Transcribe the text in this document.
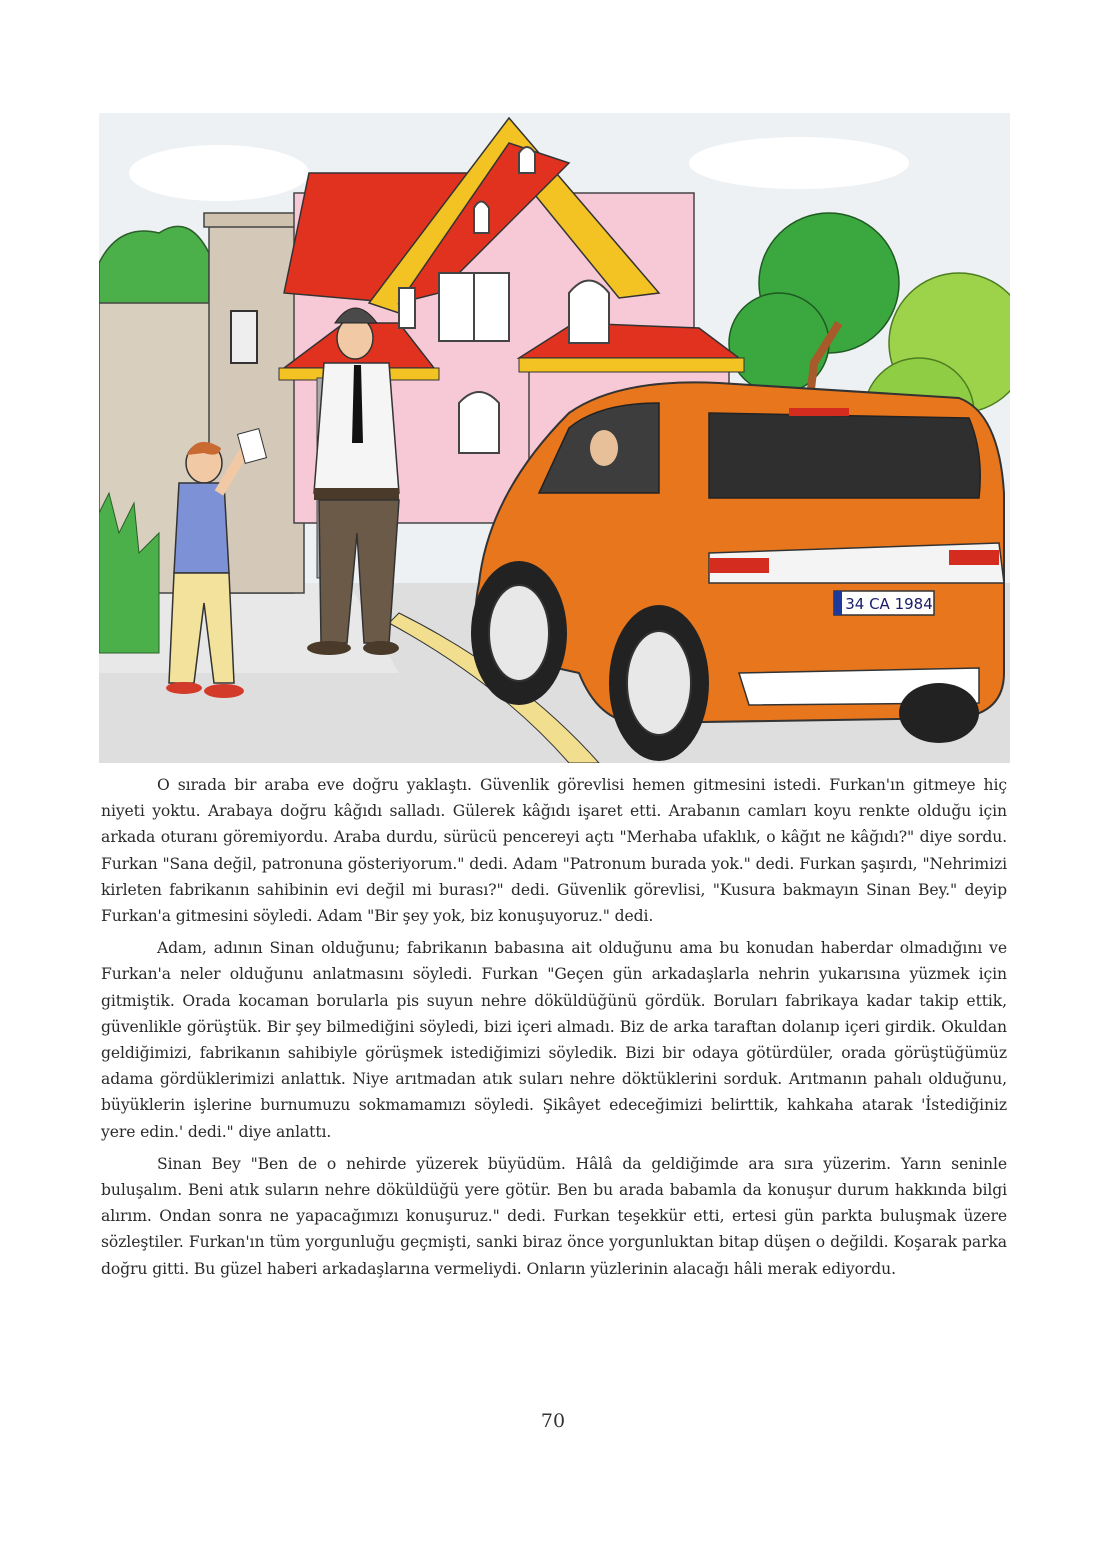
34 CA 1984

O sırada bir araba eve doğru yaklaştı. Güvenlik görevlisi hemen gitmesini istedi. Furkan'ın gitmeye hiç niyeti yoktu. Arabaya doğru kâğıdı salladı. Gülerek kâğıdı işaret etti. Arabanın camları koyu renkte olduğu için arkada oturanı göremiyordu. Araba durdu, sürücü pencereyi açtı "Merhaba ufaklık, o kâğıt ne kâğıdı?" diye sordu. Furkan "Sana değil, patronuna gösteriyorum." dedi. Adam "Patronum burada yok." dedi. Furkan şaşırdı, "Nehrimizi kirleten fabrikanın sahibinin evi değil mi burası?" dedi. Güvenlik görevlisi, "Kusura bakmayın Sinan Bey." deyip Furkan'a gitmesini söyledi. Adam "Bir şey yok, biz konuşuyoruz." dedi.

Adam, adının Sinan olduğunu; fabrikanın babasına ait olduğunu ama bu konudan haberdar olmadığını ve Furkan'a neler olduğunu anlatmasını söyledi. Furkan "Geçen gün arkadaşlarla nehrin yukarısına yüzmek için gitmiştik. Orada kocaman borularla pis suyun nehre döküldüğünü gördük. Boruları fabrikaya kadar takip ettik, güvenlikle görüştük. Bir şey bilmediğini söyledi, bizi içeri almadı. Biz de arka taraftan dolanıp içeri girdik. Okuldan geldiğimizi, fabrikanın sahibiyle görüşmek istediğimizi söyledik. Bizi bir odaya götürdüler, orada görüştüğümüz adama gördüklerimizi anlattık. Niye arıtmadan atık suları nehre döktüklerini sorduk. Arıtmanın pahalı olduğunu, büyüklerin işlerine burnumuzu sokmamamızı söyledi. Şikâyet edeceğimizi belirttik, kahkaha atarak 'İstediğiniz yere edin.' dedi." diye anlattı.

Sinan Bey "Ben de o nehirde yüzerek büyüdüm. Hâlâ da geldiğimde ara sıra yüzerim. Yarın seninle buluşalım. Beni atık suların nehre döküldüğü yere götür. Ben bu arada babamla da konuşur durum hakkında bilgi alırım. Ondan sonra ne yapacağımızı konuşuruz." dedi. Furkan teşekkür etti, ertesi gün parkta buluşmak üzere sözleştiler. Furkan'ın tüm yorgunluğu geçmişti, sanki biraz önce yorgunluktan bitap düşen o değildi. Koşarak parka doğru gitti. Bu güzel haberi arkadaşlarına vermeliydi. Onların yüzlerinin alacağı hâli merak ediyordu.

70
